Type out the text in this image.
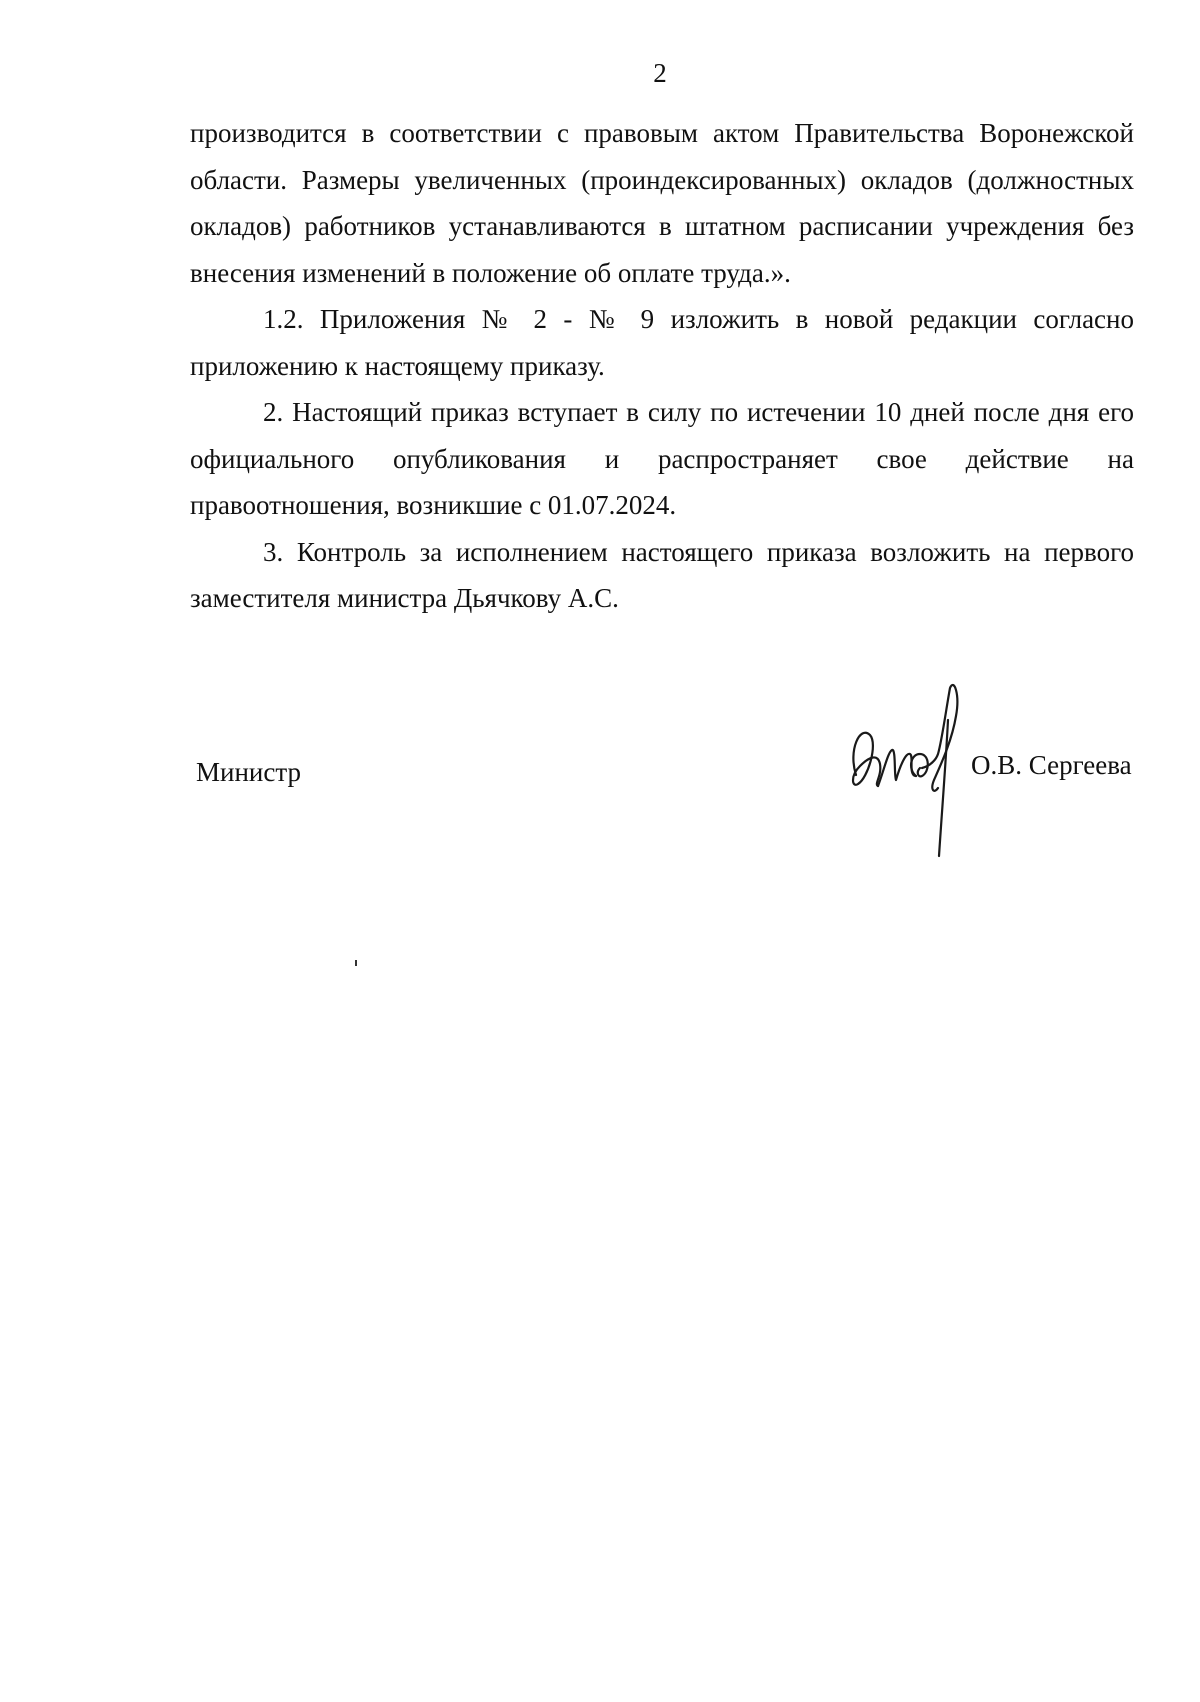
2

производится в соответствии с правовым актом Правительства Воронежской области. Размеры увеличенных (проиндексированных) окладов (должностных окладов) работников устанавливаются в штатном расписании учреждения без внесения изменений в положение об оплате труда.».

1.2. Приложения № 2 - № 9 изложить в новой редакции согласно приложению к настоящему приказу.

2. Настоящий приказ вступает в силу по истечении 10 дней после дня его официального опубликования и распространяет свое действие на правоотношения, возникшие с 01.07.2024.

3. Контроль за исполнением настоящего приказа возложить на первого заместителя министра Дьячкову А.С.

Министр	О.В. Сергеева
